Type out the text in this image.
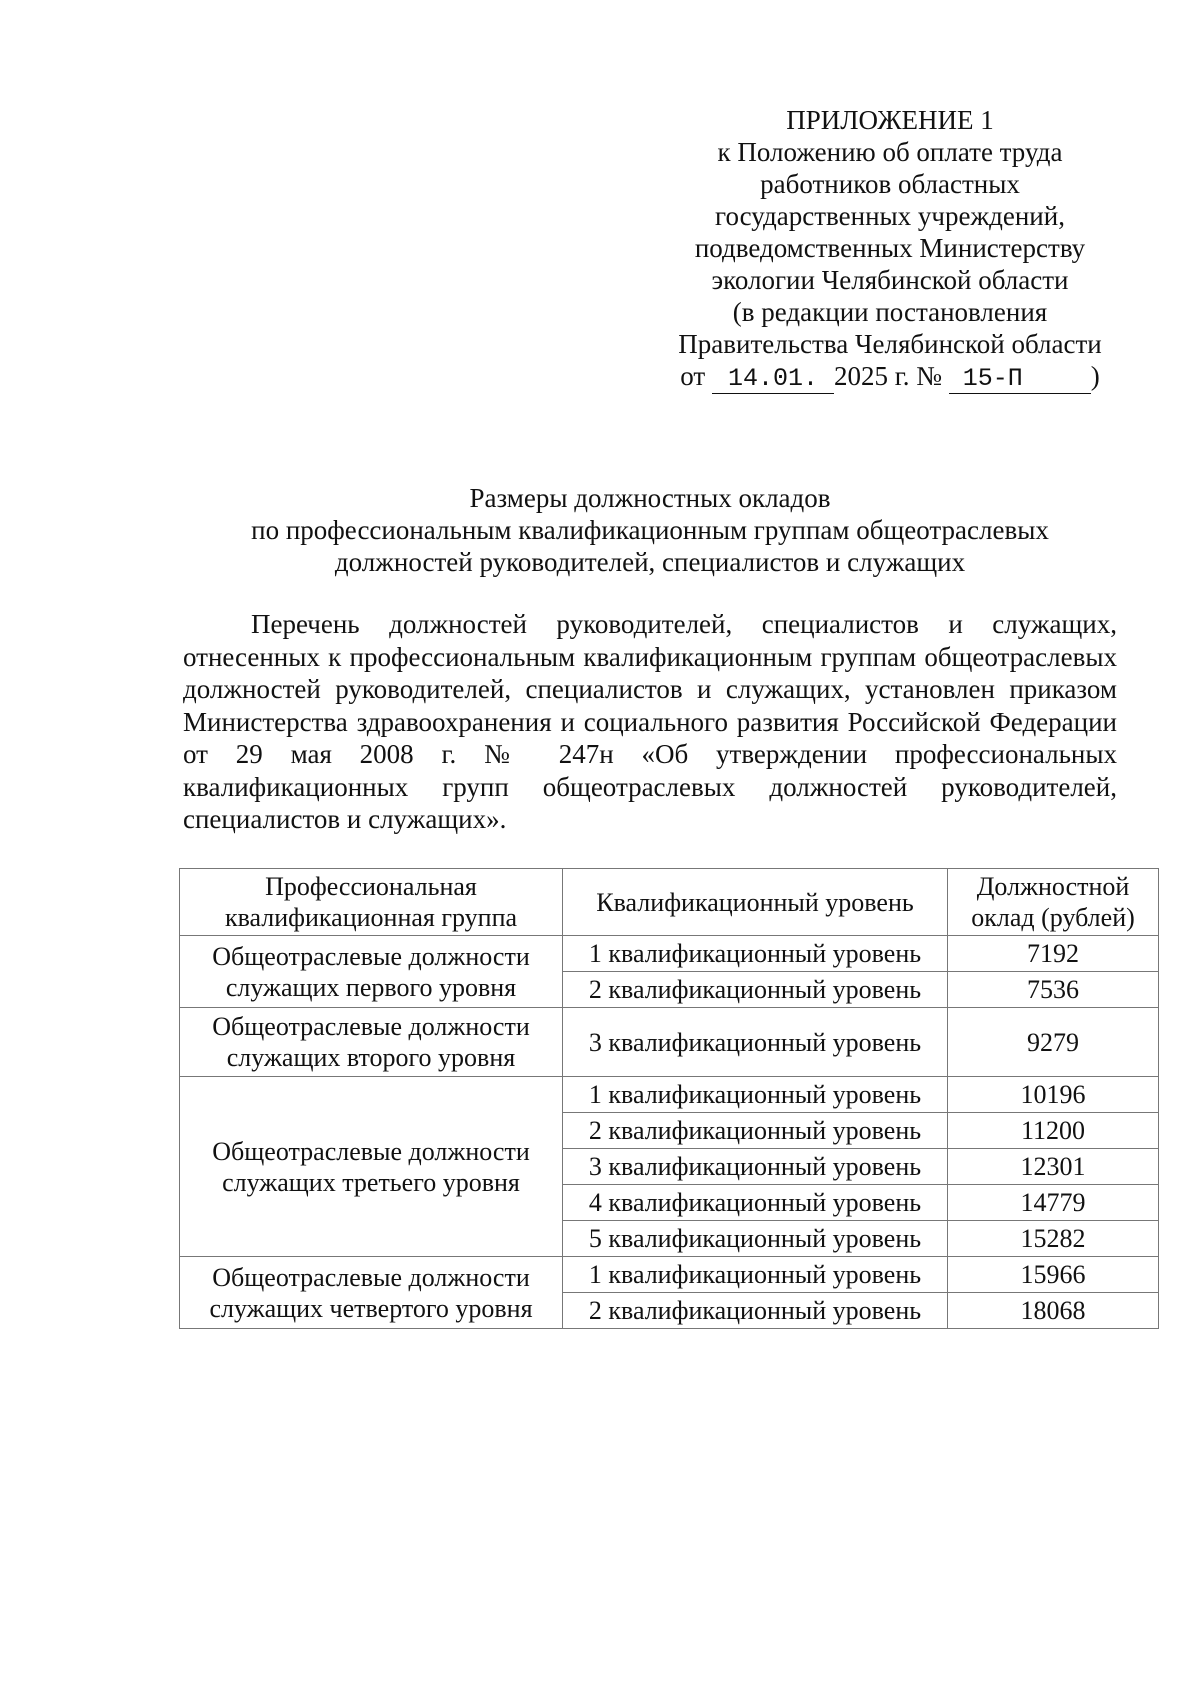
ПРИЛОЖЕНИЕ 1
к Положению об оплате труда
работников областных
государственных учреждений,
подведомственных Министерству
экологии Челябинской области
(в редакции постановления
Правительства Челябинской области
от 14.01. 2025 г. № 15-П	)
Размеры должностных окладов
по профессиональным квалификационным группам общеотраслевых
должностей руководителей, специалистов и служащих
Перечень должностей руководителей, специалистов и служащих, отнесенных к профессиональным квалификационным группам общеотраслевых должностей руководителей, специалистов и служащих, установлен приказом Министерства здравоохранения и социального развития Российской Федерации от 29 мая 2008 г. № 247н «Об утверждении профессиональных квалификационных групп общеотраслевых должностей руководителей, специалистов и служащих».
Профессиональная квалификационная группа	Квалификационный уровень	Должностной оклад (рублей)
Общеотраслевые должности служащих первого уровня	1 квалификационный уровень	7192
	2 квалификационный уровень	7536
Общеотраслевые должности служащих второго уровня	3 квалификационный уровень	9279
Общеотраслевые должности служащих третьего уровня	1 квалификационный уровень	10196
	2 квалификационный уровень	11200
	3 квалификационный уровень	12301
	4 квалификационный уровень	14779
	5 квалификационный уровень	15282
Общеотраслевые должности служащих четвертого уровня	1 квалификационный уровень	15966
	2 квалификационный уровень	18068
